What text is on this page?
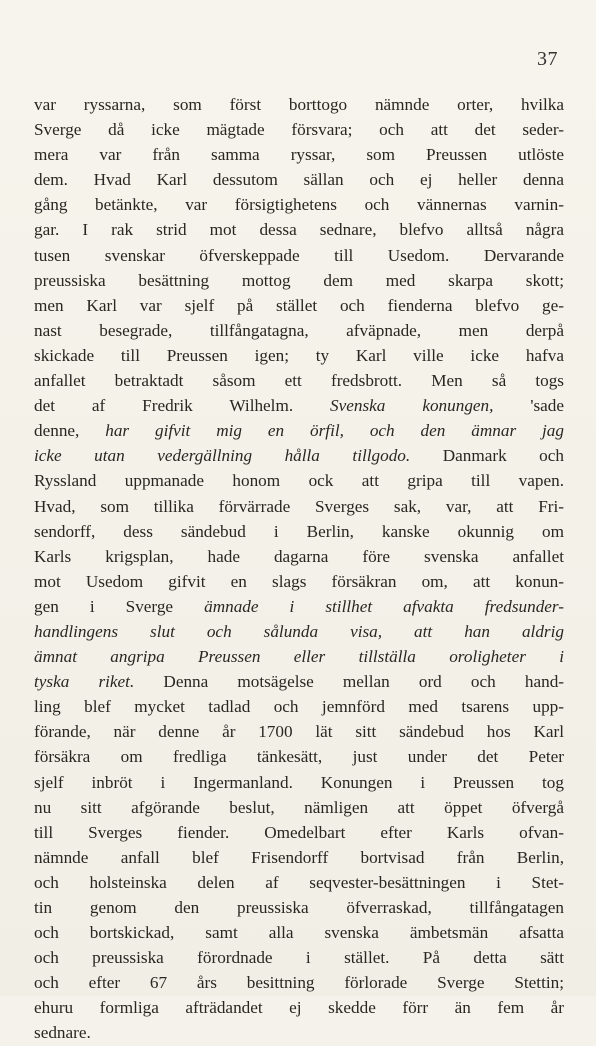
37
var ryssarna, som först borttogo nämnde orter, hvilka
Sverge då icke mägtade försvara; och att det seder-
mera var från samma ryssar, som Preussen utlöste
dem. Hvad Karl dessutom sällan och ej heller denna
gång betänkte, var försigtighetens och vännernas varnin-
gar. I rak strid mot dessa sednare, blefvo alltså några
tusen svenskar öfverskeppade till Usedom. Dervarande
preussiska besättning mottog dem med skarpa skott;
men Karl var sjelf på stället och fienderna blefvo ge-
nast besegrade, tillfångatagna, afväpnade, men derpå
skickade till Preussen igen; ty Karl ville icke hafva
anfallet betraktadt såsom ett fredsbrott. Men så togs
det af Fredrik Wilhelm. Svenska konungen, 'sade
denne, har gifvit mig en örfil, och den ämnar jag
icke utan vedergällning hålla tillgodo. Danmark och
Ryssland uppmanade honom ock att gripa till vapen.
Hvad, som tillika förvärrade Sverges sak, var, att Fri-
sendorff, dess sändebud i Berlin, kanske okunnig om
Karls krigsplan, hade dagarna före svenska anfallet
mot Usedom gifvit en slags försäkran om, att konun-
gen i Sverge ämnade i stillhet afvakta fredsunder-
handlingens slut och sålunda visa, att han aldrig
ämnat angripa Preussen eller tillställa oroligheter i
tyska riket. Denna motsägelse mellan ord och hand-
ling blef mycket tadlad och jemnförd med tsarens upp-
förande, när denne år 1700 lät sitt sändebud hos Karl
försäkra om fredliga tänkesätt, just under det Peter
sjelf inbröt i Ingermanland. Konungen i Preussen tog
nu sitt afgörande beslut, nämligen att öppet öfvergå
till Sverges fiender. Omedelbart efter Karls ofvan-
nämnde anfall blef Frisendorff bortvisad från Berlin,
och holsteinska delen af seqvester-besättningen i Stet-
tin genom den preussiska öfverraskad, tillfångatagen
och bortskickad, samt alla svenska ämbetsmän afsatta
och preussiska förordnade i stället. På detta sätt
och efter 67 års besittning förlorade Sverge Stettin;
ehuru formliga afträdandet ej skedde förr än fem år
sednare.
